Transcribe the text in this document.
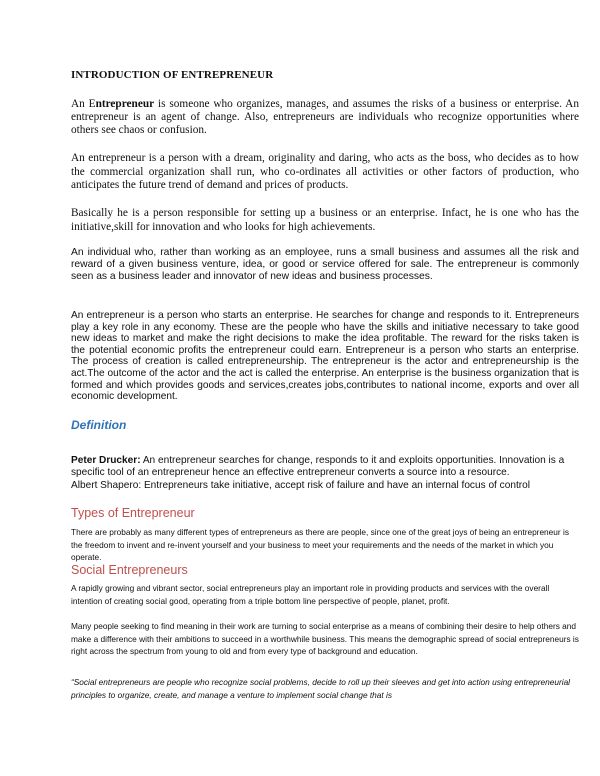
INTRODUCTION OF ENTREPRENEUR

An Entrepreneur is someone who organizes, manages, and assumes the risks of a business or enterprise. An entrepreneur is an agent of change. Also, entrepreneurs are individuals who recognize opportunities where others see chaos or confusion.

An entrepreneur is a person with a dream, originality and daring, who acts as the boss, who decides as to how the commercial organization shall run, who co-ordinates all activities or other factors of production, who anticipates the future trend of demand and prices of products.

Basically he is a person responsible for setting up a business or an enterprise. Infact, he is one who has the initiative,skill for innovation and who looks for high achievements.

An individual who, rather than working as an employee, runs a small business and assumes all the risk and reward of a given business venture, idea, or good or service offered for sale. The entrepreneur is commonly seen as a business leader and innovator of new ideas and business processes.

An entrepreneur is a person who starts an enterprise. He searches for change and responds to it. Entrepreneurs play a key role in any economy. These are the people who have the skills and initiative necessary to take good new ideas to market and make the right decisions to make the idea profitable. The reward for the risks taken is the potential economic profits the entrepreneur could earn. Entrepreneur is a person who starts an enterprise. The process of creation is called entrepreneurship. The entrepreneur is the actor and entrepreneurship is the act.The outcome of the actor and the act is called the enterprise. An enterprise is the business organization that is formed and which provides goods and services,creates jobs,contributes to national income, exports and over all economic development.

Definition

Peter Drucker: An entrepreneur searches for change, responds to it and exploits opportunities. Innovation is a specific tool of an entrepreneur hence an effective entrepreneur converts a source into a resource.

Albert Shapero: Entrepreneurs take initiative, accept risk of failure and have an internal focus of control

Types of Entrepreneur

There are probably as many different types of entrepreneurs as there are people, since one of the great joys of being an entrepreneur is the freedom to invent and re-invent yourself and your business to meet your requirements and the needs of the market in which you operate.

Social Entrepreneurs

A rapidly growing and vibrant sector, social entrepreneurs play an important role in providing products and services with the overall intention of creating social good, operating from a triple bottom line perspective of people, planet, profit.

Many people seeking to find meaning in their work are turning to social enterprise as a means of combining their desire to help others and make a difference with their ambitions to succeed in a worthwhile business. This means the demographic spread of social entrepreneurs is right across the spectrum from young to old and from every type of background and education.

“Social entrepreneurs are people who recognize social problems, decide to roll up their sleeves and get into action using entrepreneurial principles to organize, create, and manage a venture to implement social change that is
